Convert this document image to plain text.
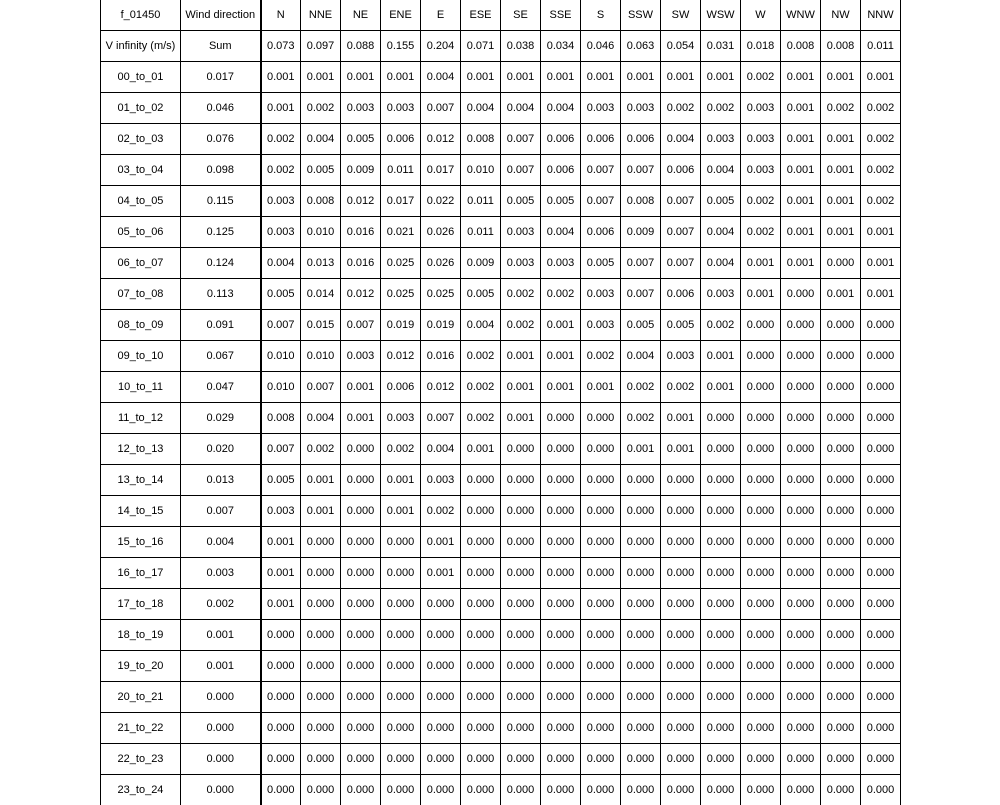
f_01450	Wind direction	N	NNE	NE	ENE	E	ESE	SE	SSE	S	SSW	SW	WSW	W	WNW	NW	NNW
V infinity (m/s)	Sum	0.073	0.097	0.088	0.155	0.204	0.071	0.038	0.034	0.046	0.063	0.054	0.031	0.018	0.008	0.008	0.011
00_to_01	0.017	0.001	0.001	0.001	0.001	0.004	0.001	0.001	0.001	0.001	0.001	0.001	0.001	0.002	0.001	0.001	0.001
01_to_02	0.046	0.001	0.002	0.003	0.003	0.007	0.004	0.004	0.004	0.003	0.003	0.002	0.002	0.003	0.001	0.002	0.002
02_to_03	0.076	0.002	0.004	0.005	0.006	0.012	0.008	0.007	0.006	0.006	0.006	0.004	0.003	0.003	0.001	0.001	0.002
03_to_04	0.098	0.002	0.005	0.009	0.011	0.017	0.010	0.007	0.006	0.007	0.007	0.006	0.004	0.003	0.001	0.001	0.002
04_to_05	0.115	0.003	0.008	0.012	0.017	0.022	0.011	0.005	0.005	0.007	0.008	0.007	0.005	0.002	0.001	0.001	0.002
05_to_06	0.125	0.003	0.010	0.016	0.021	0.026	0.011	0.003	0.004	0.006	0.009	0.007	0.004	0.002	0.001	0.001	0.001
06_to_07	0.124	0.004	0.013	0.016	0.025	0.026	0.009	0.003	0.003	0.005	0.007	0.007	0.004	0.001	0.001	0.000	0.001
07_to_08	0.113	0.005	0.014	0.012	0.025	0.025	0.005	0.002	0.002	0.003	0.007	0.006	0.003	0.001	0.000	0.001	0.001
08_to_09	0.091	0.007	0.015	0.007	0.019	0.019	0.004	0.002	0.001	0.003	0.005	0.005	0.002	0.000	0.000	0.000	0.000
09_to_10	0.067	0.010	0.010	0.003	0.012	0.016	0.002	0.001	0.001	0.002	0.004	0.003	0.001	0.000	0.000	0.000	0.000
10_to_11	0.047	0.010	0.007	0.001	0.006	0.012	0.002	0.001	0.001	0.001	0.002	0.002	0.001	0.000	0.000	0.000	0.000
11_to_12	0.029	0.008	0.004	0.001	0.003	0.007	0.002	0.001	0.000	0.000	0.002	0.001	0.000	0.000	0.000	0.000	0.000
12_to_13	0.020	0.007	0.002	0.000	0.002	0.004	0.001	0.000	0.000	0.000	0.001	0.001	0.000	0.000	0.000	0.000	0.000
13_to_14	0.013	0.005	0.001	0.000	0.001	0.003	0.000	0.000	0.000	0.000	0.000	0.000	0.000	0.000	0.000	0.000	0.000
14_to_15	0.007	0.003	0.001	0.000	0.001	0.002	0.000	0.000	0.000	0.000	0.000	0.000	0.000	0.000	0.000	0.000	0.000
15_to_16	0.004	0.001	0.000	0.000	0.000	0.001	0.000	0.000	0.000	0.000	0.000	0.000	0.000	0.000	0.000	0.000	0.000
16_to_17	0.003	0.001	0.000	0.000	0.000	0.001	0.000	0.000	0.000	0.000	0.000	0.000	0.000	0.000	0.000	0.000	0.000
17_to_18	0.002	0.001	0.000	0.000	0.000	0.000	0.000	0.000	0.000	0.000	0.000	0.000	0.000	0.000	0.000	0.000	0.000
18_to_19	0.001	0.000	0.000	0.000	0.000	0.000	0.000	0.000	0.000	0.000	0.000	0.000	0.000	0.000	0.000	0.000	0.000
19_to_20	0.001	0.000	0.000	0.000	0.000	0.000	0.000	0.000	0.000	0.000	0.000	0.000	0.000	0.000	0.000	0.000	0.000
20_to_21	0.000	0.000	0.000	0.000	0.000	0.000	0.000	0.000	0.000	0.000	0.000	0.000	0.000	0.000	0.000	0.000	0.000
21_to_22	0.000	0.000	0.000	0.000	0.000	0.000	0.000	0.000	0.000	0.000	0.000	0.000	0.000	0.000	0.000	0.000	0.000
22_to_23	0.000	0.000	0.000	0.000	0.000	0.000	0.000	0.000	0.000	0.000	0.000	0.000	0.000	0.000	0.000	0.000	0.000
23_to_24	0.000	0.000	0.000	0.000	0.000	0.000	0.000	0.000	0.000	0.000	0.000	0.000	0.000	0.000	0.000	0.000	0.000
